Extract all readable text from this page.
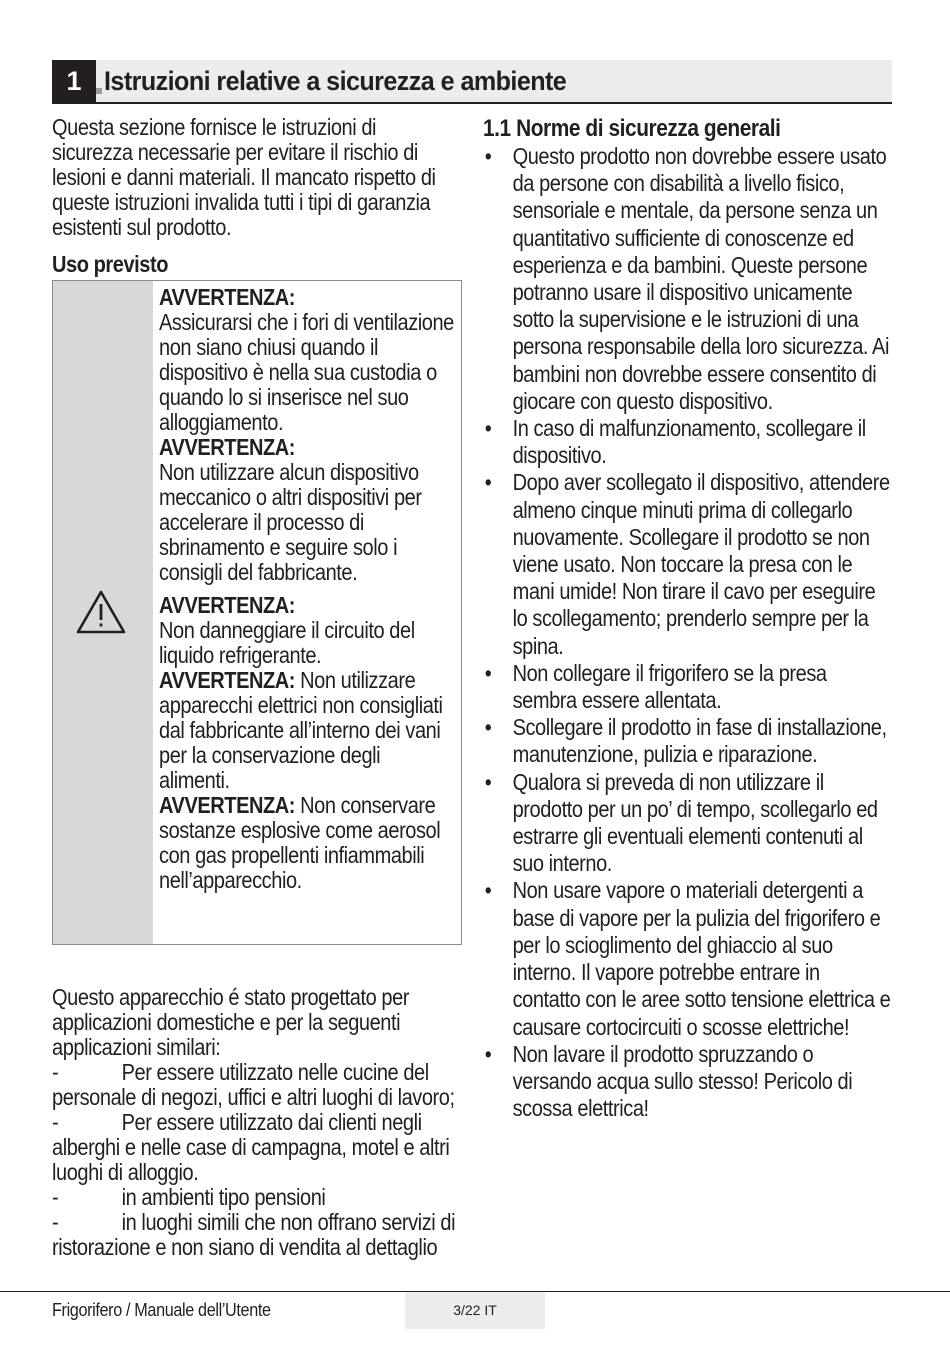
1 Istruzioni relative a sicurezza e ambiente

Questa sezione fornisce le istruzioni di sicurezza necessarie per evitare il rischio di lesioni e danni materiali. Il mancato rispetto di queste istruzioni invalida tutti i tipi di garanzia esistenti sul prodotto.

Uso previsto

AVVERTENZA:
Assicurarsi che i fori di ventilazione non siano chiusi quando il dispositivo è nella sua custodia o quando lo si inserisce nel suo alloggiamento.

AVVERTENZA:
Non utilizzare alcun dispositivo meccanico o altri dispositivi per accelerare il processo di sbrinamento e seguire solo i consigli del fabbricante.

AVVERTENZA:
Non danneggiare il circuito del liquido refrigerante.

AVVERTENZA: Non utilizzare apparecchi elettrici non consigliati dal fabbricante all’interno dei vani per la conservazione degli alimenti.

AVVERTENZA: Non conservare sostanze esplosive come aerosol con gas propellenti infiammabili nell’apparecchio.

Questo apparecchio é stato progettato per applicazioni domestiche e per la seguenti applicazioni similari:

-	Per essere utilizzato nelle cucine del personale di negozi, uffici e altri luoghi di lavoro;

-	Per essere utilizzato dai clienti negli alberghi e nelle case di campagna, motel e altri luoghi di alloggio.

-	in ambienti tipo pensioni

-	in luoghi simili che non offrano servizi di ristorazione e non siano di vendita al dettaglio

1.1 Norme di sicurezza generali

• Questo prodotto non dovrebbe essere usato da persone con disabilità a livello fisico, sensoriale e mentale, da persone senza un quantitativo sufficiente di conoscenze ed esperienza e da bambini. Queste persone potranno usare il dispositivo unicamente sotto la supervisione e le istruzioni di una persona responsabile della loro sicurezza. Ai bambini non dovrebbe essere consentito di giocare con questo dispositivo.
• In caso di malfunzionamento, scollegare il dispositivo.
• Dopo aver scollegato il dispositivo, attendere almeno cinque minuti prima di collegarlo nuovamente. Scollegare il prodotto se non viene usato. Non toccare la presa con le mani umide! Non tirare il cavo per eseguire lo scollegamento; prenderlo sempre per la spina.
• Non collegare il frigorifero se la presa sembra essere allentata.
• Scollegare il prodotto in fase di installazione, manutenzione, pulizia e riparazione.
• Qualora si preveda di non utilizzare il prodotto per un po’ di tempo, scollegarlo ed estrarre gli eventuali elementi contenuti al suo interno.
• Non usare vapore o materiali detergenti a base di vapore per la pulizia del frigorifero e per lo scioglimento del ghiaccio al suo interno. Il vapore potrebbe entrare in contatto con le aree sotto tensione elettrica e causare cortocircuiti o scosse elettriche!
• Non lavare il prodotto spruzzando o versando acqua sullo stesso! Pericolo di scossa elettrica!
Frigorifero / Manuale dell’Utente	3/22 IT
